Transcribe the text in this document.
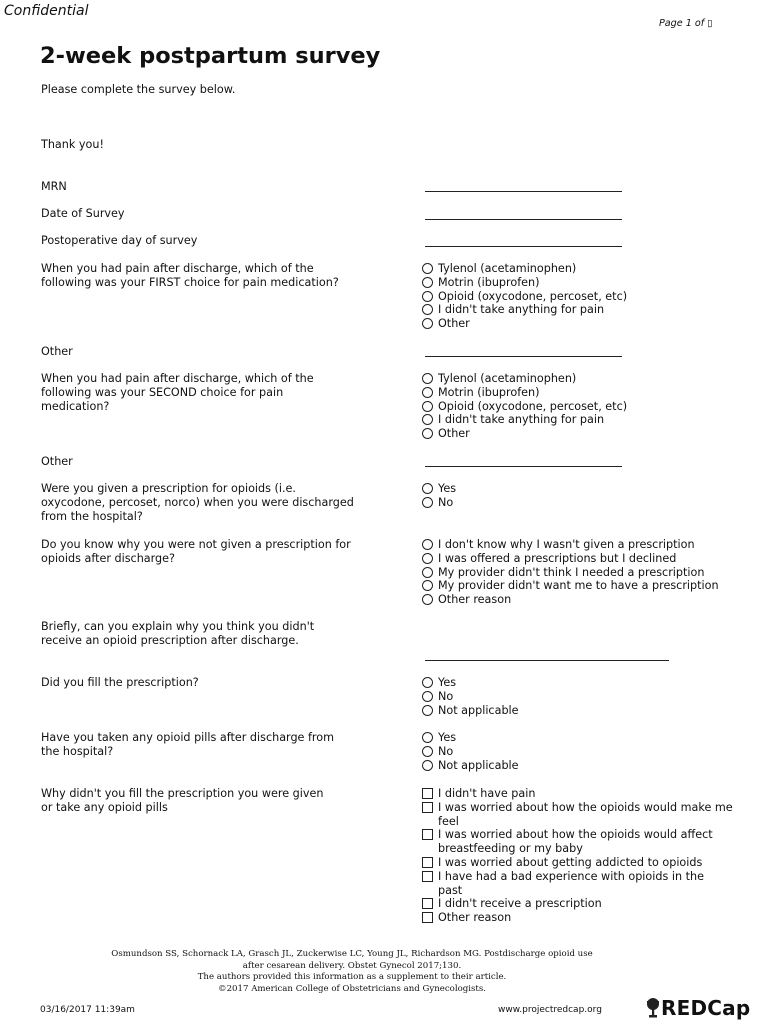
Confidential
Page 1 of ▯
2-week postpartum survey
Please complete the survey below.
Thank you!
MRN
Date of Survey
Postoperative day of survey
When you had pain after discharge, which of the
following was your FIRST choice for pain medication?
Tylenol (acetaminophen)
Motrin (ibuprofen)
Opioid (oxycodone, percoset, etc)
I didn't take anything for pain
Other
Other
When you had pain after discharge, which of the
following was your SECOND choice for pain
medication?
Tylenol (acetaminophen)
Motrin (ibuprofen)
Opioid (oxycodone, percoset, etc)
I didn't take anything for pain
Other
Other
Were you given a prescription for opioids (i.e.
oxycodone, percoset, norco) when you were discharged
from the hospital?
Yes
No
Do you know why you were not given a prescription for
opioids after discharge?
I don't know why I wasn't given a prescription
I was offered a prescriptions but I declined
My provider didn't think I needed a prescription
My provider didn't want me to have a prescription
Other reason
Briefly, can you explain why you think you didn't
receive an opioid prescription after discharge.
Did you fill the prescription?	Yes
No
Not applicable
Have you taken any opioid pills after discharge from
the hospital?
Yes
No
Not applicable
Why didn't you fill the prescription you were given
or take any opioid pills
I didn't have pain
I was worried about how the opioids would make me
feel
I was worried about how the opioids would affect
breastfeeding or my baby
I was worried about getting addicted to opioids
I have had a bad experience with opioids in the
past
I didn't receive a prescription
Other reason
Osmundson SS, Schornack LA, Grasch JL, Zuckerwise LC, Young JL, Richardson MG. Postdischarge opioid use
after cesarean delivery. Obstet Gynecol 2017;130.
The authors provided this information as a supplement to their article.
©2017 American College of Obstetricians and Gynecologists.
03/16/2017 11:39am	www.projectredcap.org	REDCap
